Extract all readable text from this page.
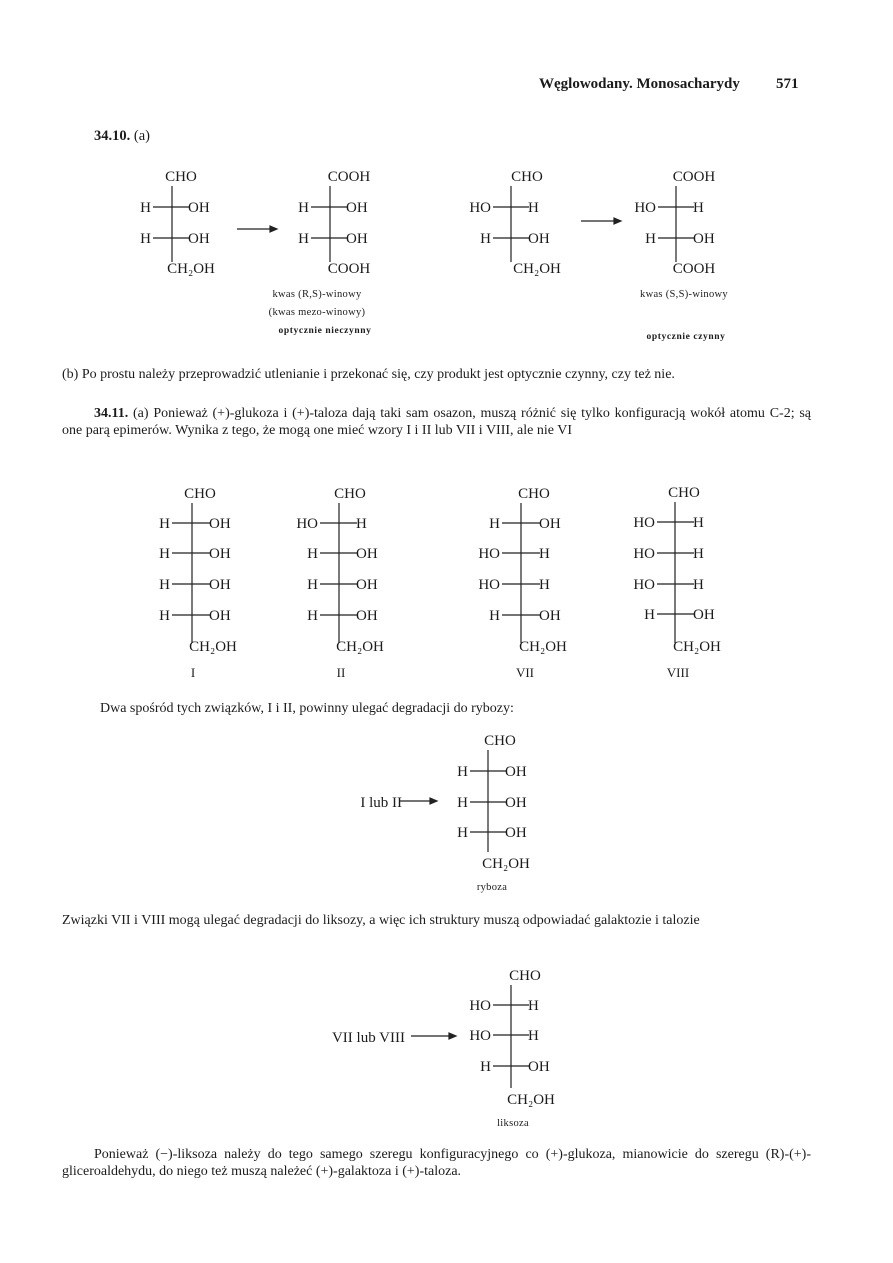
Węglowodany. Monosacharydy 571
34.10. (a)
CHO
H OH
H OH
CH₂OH
COOH
H OH
H OH
COOH
kwas (R,S)-winowy
(kwas mezo-winowy)
optycznie nieczynny
CHO
HO H
H OH
CH₂OH
COOH
HO H
H OH
COOH
kwas (S,S)-winowy
optycznie czynny
CHO
H	OH
H	OH
H	OH
H	OH
CH₂OH
I
CHO
HO	H
H	OH
H	OH
H	OH
CH₂OH
II
CHO
H	OH
HO	H
HO	H
H	OH
CH₂OH
VII
CHO
HO	H
HO	H
HO	H
H	OH
CH₂OH
VIII
I lub II
CHO
H OH
H OH
H OH
CH₂OH
ryboza
VII lub VIII
CHO
HO H
HO H
H OH
CH₂OH
liksoza
(b) Po prostu należy przeprowadzić utlenianie i przekonać się, czy produkt jest optycznie czynny, czy też nie.
34.11. (a) Ponieważ (+)-glukoza i (+)-taloza dają taki sam osazon, muszą różnić się tylko konfiguracją wokół atomu C-2; są one parą epimerów. Wynika z tego, że mogą one mieć wzory I i II lub VII i VIII, ale nie VI
Dwa spośród tych związków, I i II, powinny ulegać degradacji do rybozy:
Związki VII i VIII mogą ulegać degradacji do liksozy, a więc ich struktury muszą odpowiadać galaktozie i talozie
Ponieważ (−)-liksoza należy do tego samego szeregu konfiguracyjnego co (+)-glukoza, mianowicie do szeregu (R)-(+)-gliceroaldehydu, do niego też muszą należeć (+)-galaktoza i (+)-taloza.
